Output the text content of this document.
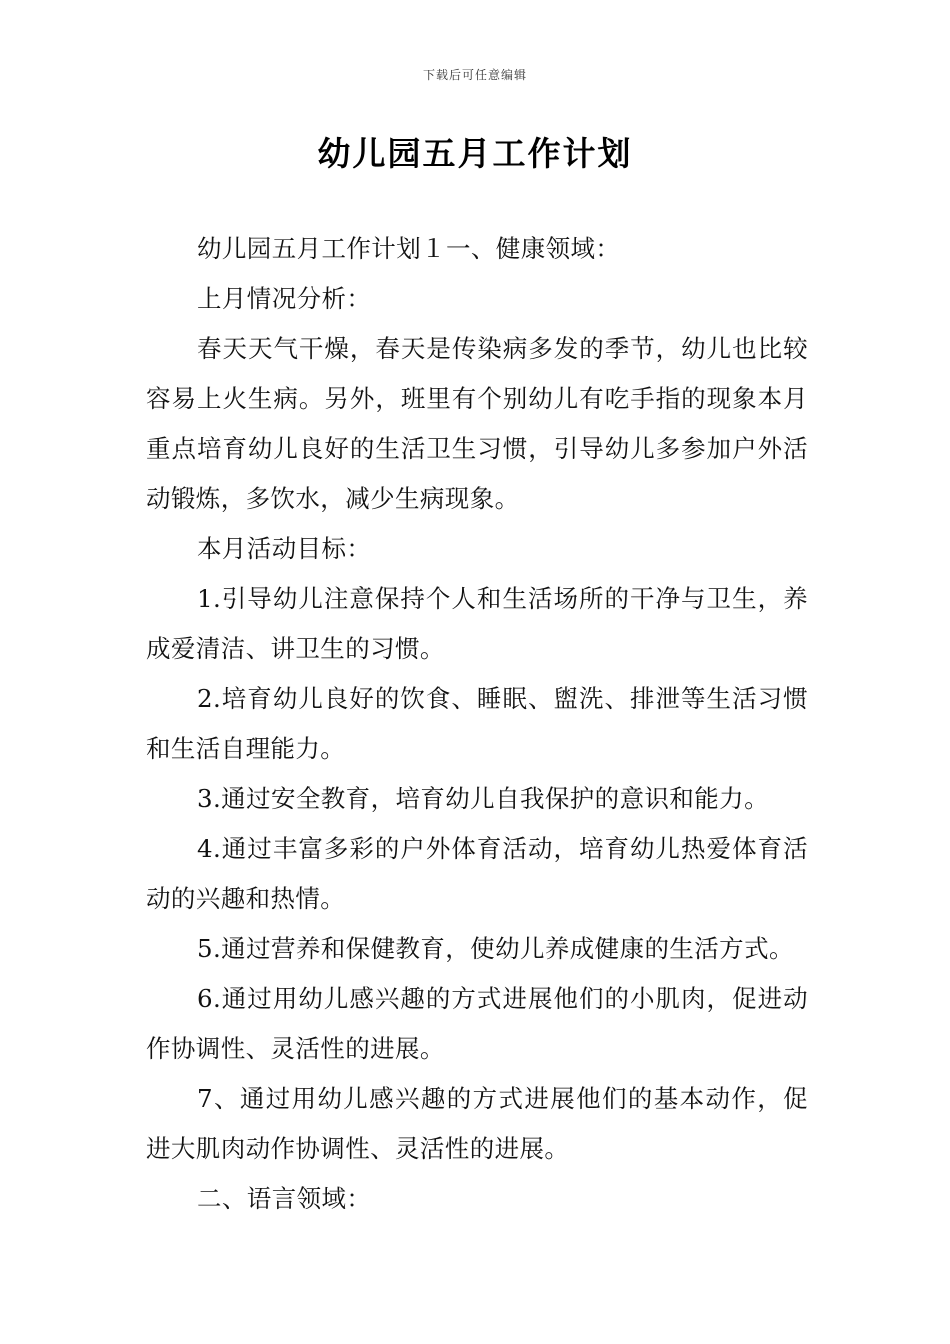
下载后可任意编辑
幼儿园五月工作计划

幼儿园五月工作计划１一、健康领域：

上月情况分析：

春天天气干燥，春天是传染病多发的季节，幼儿也比较容易上火生病。另外，班里有个别幼儿有吃手指的现象本月重点培育幼儿良好的生活卫生习惯，引导幼儿多参加户外活动锻炼，多饮水，减少生病现象。

本月活动目标：

1.引导幼儿注意保持个人和生活场所的干净与卫生，养成爱清洁、讲卫生的习惯。

2.培育幼儿良好的饮食、睡眠、盥洗、排泄等生活习惯和生活自理能力。

3.通过安全教育，培育幼儿自我保护的意识和能力。

4.通过丰富多彩的户外体育活动，培育幼儿热爱体育活动的兴趣和热情。

5.通过营养和保健教育，使幼儿养成健康的生活方式。

6.通过用幼儿感兴趣的方式进展他们的小肌肉，促进动作协调性、灵活性的进展。

7、通过用幼儿感兴趣的方式进展他们的基本动作，促进大肌肉动作协调性、灵活性的进展。

二、语言领域：
